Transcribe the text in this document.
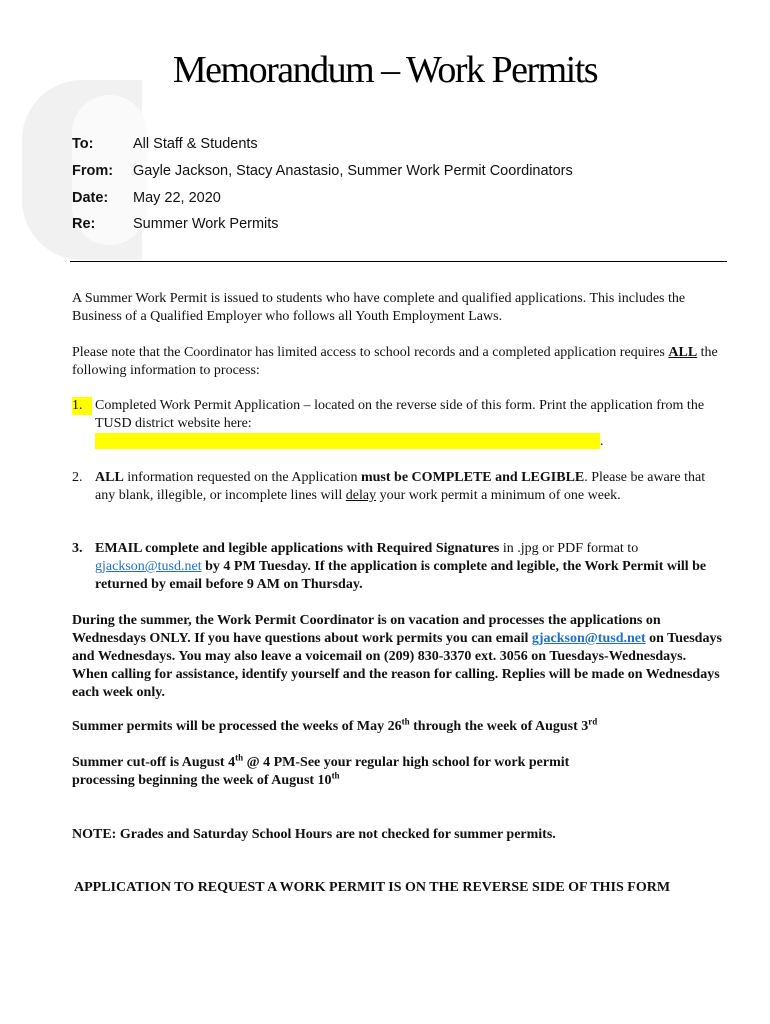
Memorandum – Work Permits
To:	All Staff & Students
From: Gayle Jackson, Stacy Anastasio, Summer Work Permit Coordinators
Date: May 22, 2020
Re:	Summer Work Permits

A Summer Work Permit is issued to students who have complete and qualified applications. This includes the Business of a Qualified Employer who follows all Youth Employment Laws.

Please note that the Coordinator has limited access to school records and a completed application requires ALL the following information to process:

1. Completed Work Permit Application – located on the reverse side of this form. Print the application from the TUSD district website here:
.
2. ALL information requested on the Application must be COMPLETE and LEGIBLE. Please be aware that any blank, illegible, or incomplete lines will delay your work permit a minimum of one week.
3. EMAIL complete and legible applications with Required Signatures in .jpg or PDF format to gjackson@tusd.net by 4 PM Tuesday. If the application is complete and legible, the Work Permit will be returned by email before 9 AM on Thursday.

During the summer, the Work Permit Coordinator is on vacation and processes the applications on Wednesdays ONLY. If you have questions about work permits you can email gjackson@tusd.net on Tuesdays and Wednesdays. You may also leave a voicemail on (209) 830-3370 ext. 3056 on Tuesdays-Wednesdays. When calling for assistance, identify yourself and the reason for calling. Replies will be made on Wednesdays each week only.

Summer permits will be processed the weeks of May 26th through the week of August 3rd

Summer cut-off is August 4th @ 4 PM-See your regular high school for work permit processing beginning the week of August 10th

NOTE: Grades and Saturday School Hours are not checked for summer permits.

APPLICATION TO REQUEST A WORK PERMIT IS ON THE REVERSE SIDE OF THIS FORM
